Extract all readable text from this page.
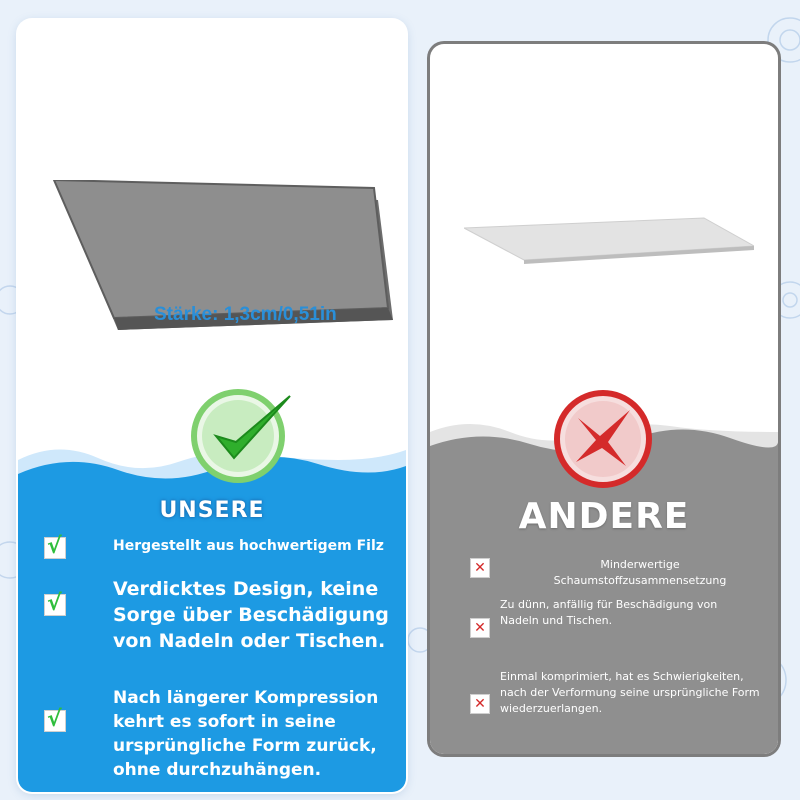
Stärke: 1,3cm/0,51in
UNSERE
√	Hergestellt aus hochwertigem Filz
√
Verdicktes Design, keine Sorge über Beschädigung von Nadeln oder Tischen.
√
Nach längerer Kompression kehrt es sofort in seine ursprüngliche Form zurück, ohne durchzuhängen.
ANDERE
✕	Minderwertige Schaumstoffzusammensetzung
✕
Zu dünn, anfällig für Beschädigung von Nadeln und Tischen.
✕
Einmal komprimiert, hat es Schwierigkeiten, nach der Verformung seine ursprüngliche Form wiederzuerlangen.
